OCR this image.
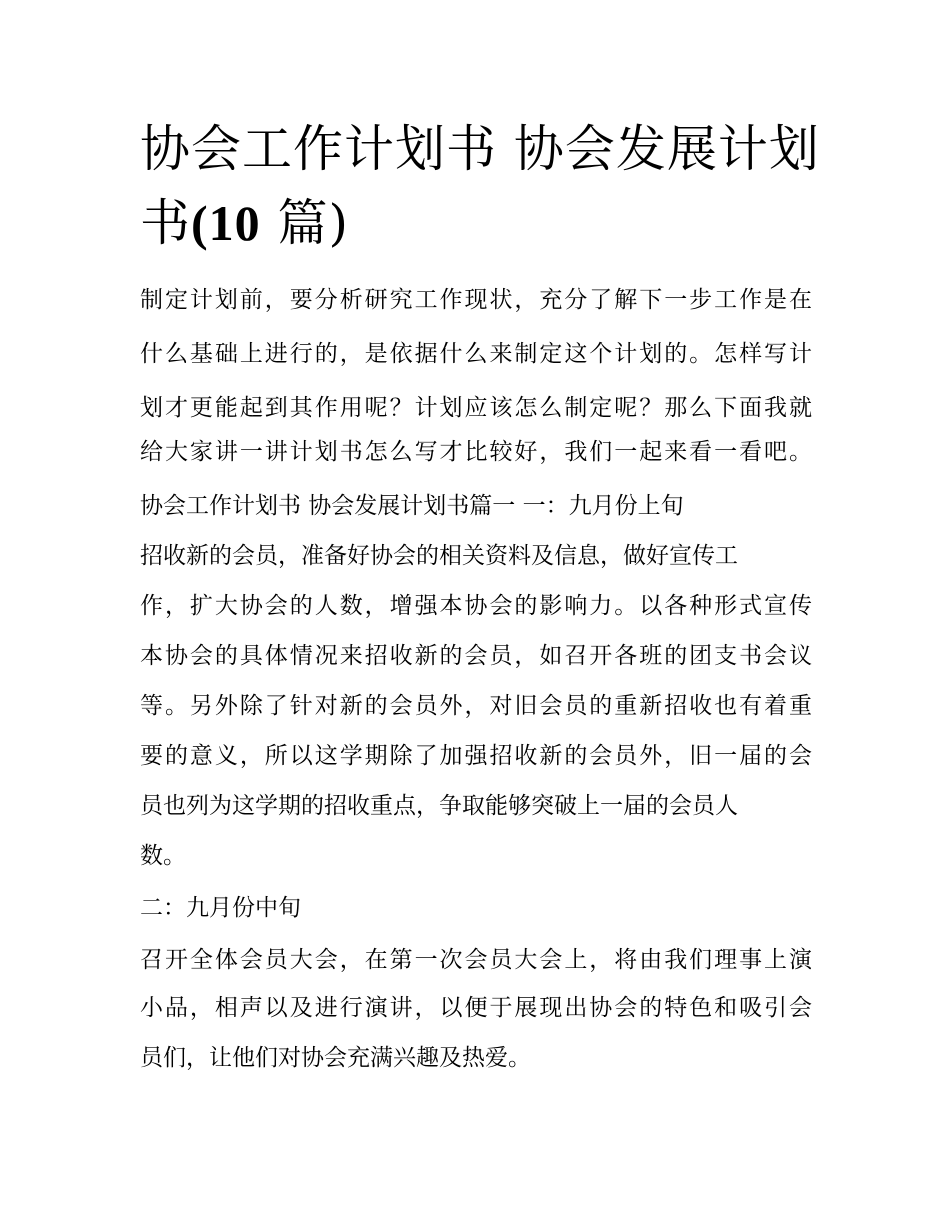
协会工作计划书 协会发展计划书(10 篇)

制定计划前，要分析研究工作现状，充分了解下一步工作是在

什么基础上进行的，是依据什么来制定这个计划的。怎样写计

划才更能起到其作用呢？计划应该怎么制定呢？那么下面我就

给大家讲一讲计划书怎么写才比较好，我们一起来看一看吧。

协会工作计划书 协会发展计划书篇一 一：九月份上旬

招收新的会员，准备好协会的相关资料及信息，做好宣传工

作，扩大协会的人数，增强本协会的影响力。以各种形式宣传

本协会的具体情况来招收新的会员，如召开各班的团支书会议

等。另外除了针对新的会员外，对旧会员的重新招收也有着重

要的意义，所以这学期除了加强招收新的会员外，旧一届的会

员也列为这学期的招收重点，争取能够突破上一届的会员人

数。

二：九月份中旬

召开全体会员大会，在第一次会员大会上，将由我们理事上演

小品，相声以及进行演讲，以便于展现出协会的特色和吸引会

员们，让他们对协会充满兴趣及热爱。
